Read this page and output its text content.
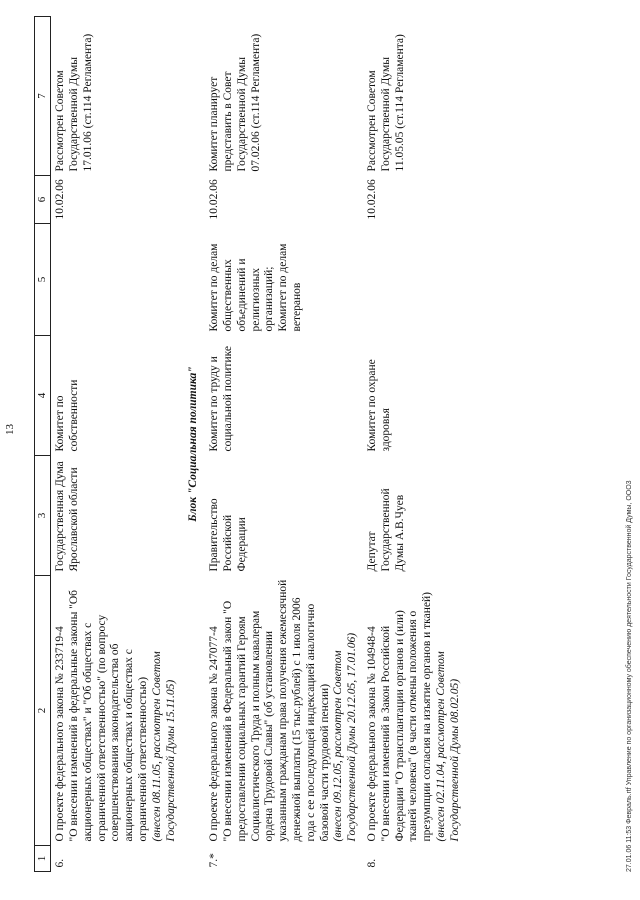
13
1	2	3	4	5	6	7
6.	О проекте федерального закона № 233719-4 "О внесении изменений в федеральные законы "Об акционерных обществах" и "Об обществах с ограниченной ответственностью" (по вопросу совершенствования законодательства об акционерных обществах и обществах с ограниченной ответственностью) (внесен 08.11.05, рассмотрен Советом Государственной Думы 15.11.05)	Государственная Дума Ярославской области	Комитет по собственности		10.02.06	Рассмотрен Советом Государственной Думы 17.01.06 (ст.114 Регламента)
Блок "Социальная политика"						
7.*	О проекте федерального закона № 247077-4 "О внесении изменений в Федеральный закон "О предоставлении социальных гарантий Героям Социалистического Труда и полным кавалерам ордена Трудовой Славы" (об установлении указанным гражданам права получения ежемесячной денежной выплаты (15 тыс.рублей) с 1 июля 2006 года с ее последующей индексацией аналогично базовой части трудовой пенсии) (внесен 09.12.05, рассмотрен Советом Государственной Думы 20.12.05, 17.01.06)	Правительство Российской Федерации	Комитет по труду и социальной политике	Комитет по делам общественных объединений и религиозных организаций; Комитет по делам ветеранов	10.02.06	Комитет планирует представить в Совет Государственной Думы 07.02.06 (ст.114 Регламента)
8.	О проекте федерального закона № 104948-4 "О внесении изменений в Закон Российской Федерации "О трансплантации органов и (или) тканей человека" (в части отмены положения о презумпции согласия на изъятие органов и тканей) (внесен 02.11.04, рассмотрен Советом Государственной Думы 08.02.05)	Депутат Государственной Думы А.В.Чуев	Комитет по охране здоровья		10.02.06	Рассмотрен Советом Государственной Думы 11.05.05 (ст.114 Регламента)
27.01.06 11:53 Февраль.rtf Управление по организационному обеспечению деятельности Государственной Думы, ООО3
